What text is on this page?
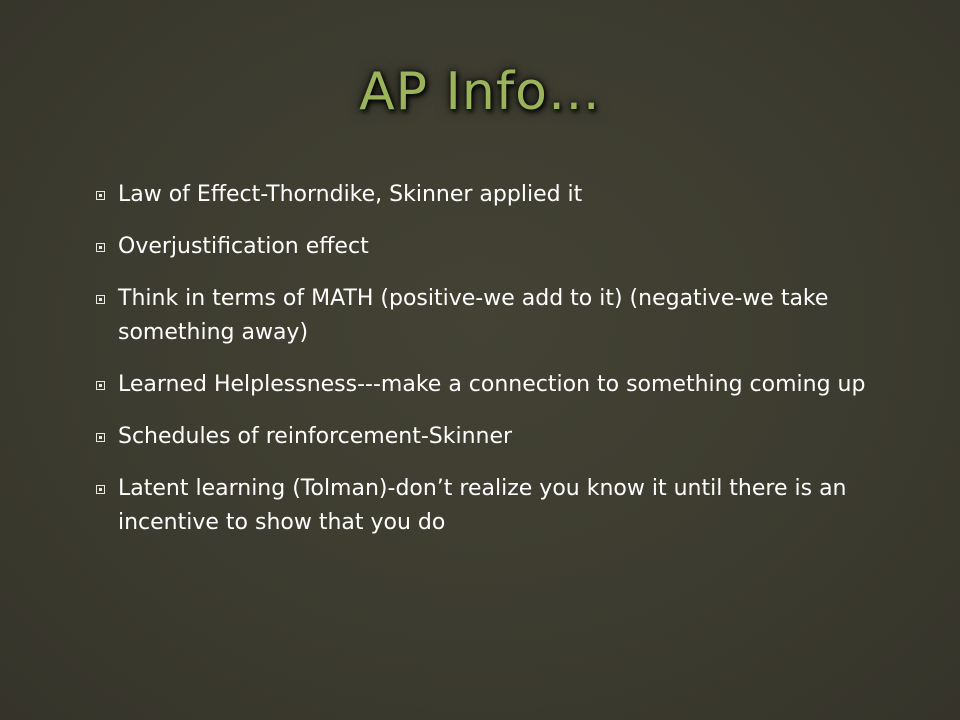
AP Info…
Law of Effect-Thorndike, Skinner applied it
Overjustification effect
Think in terms of MATH (positive-we add to it) (negative-we take something away)
Learned Helplessness---make a connection to something coming up
Schedules of reinforcement-Skinner
Latent learning (Tolman)-don’t realize you know it until there is an incentive to show that you do
